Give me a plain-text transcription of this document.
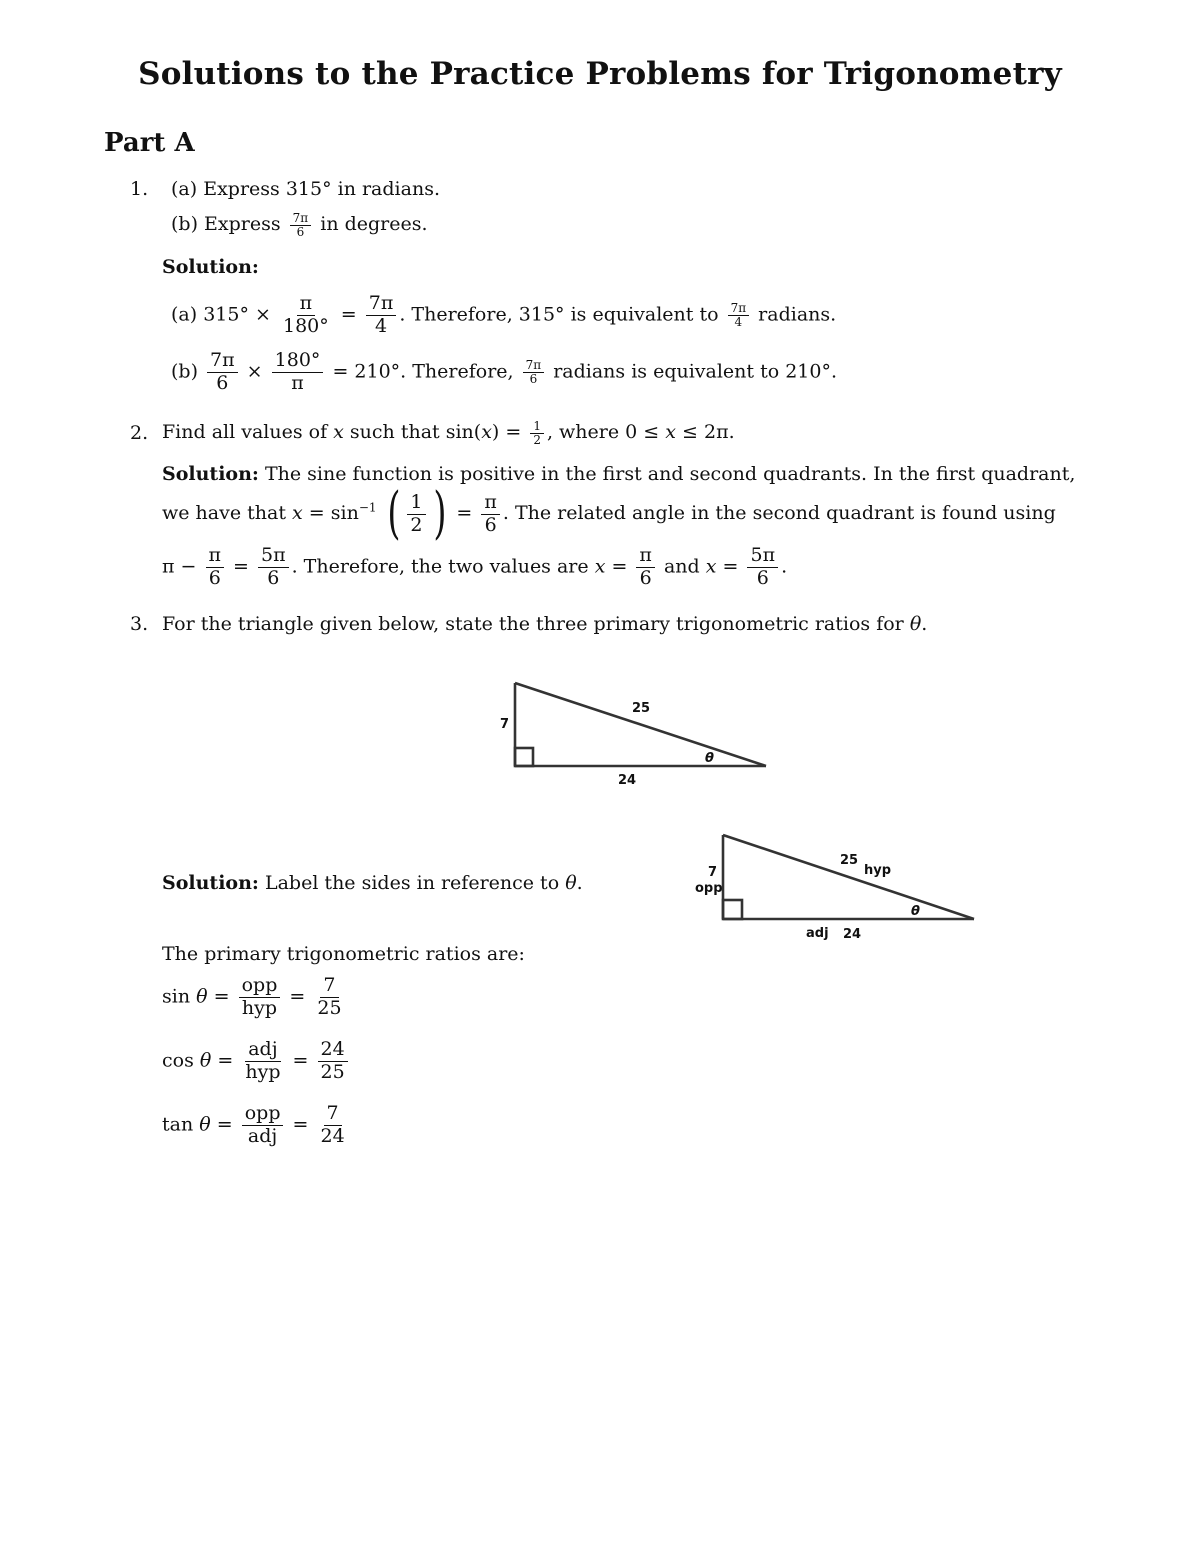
Solutions to the Practice Problems for Trigonometry
Part A
1. (a) Express 315° in radians.
(b) Express $\frac{7\pi}{6}$ in degrees.
Solution:
(a) $315^\circ \times \frac{\pi}{180^\circ} = \frac{7\pi}{4}$ . Therefore, 315° is equivalent to $\frac{7\pi}{4}$ radians.
$(b) \frac{7\pi}{6} \times \frac{180^\circ}{\pi} = 210^\circ$. Therefore, $\frac{7\pi}{6}$ radians is equivalent to 210°.
2. Find all values of x such that $\sin(x) = \frac{1}{2}$ , where 0 ≤ x ≤ 2π.
Solution: The sine function is positive in the first and second quadrants. In the first quadrant,
we have that $x = \sin^{-1}$ ( $\frac{1}{2}$ ) = $\frac{\pi}{6}$ . The related angle in the second quadrant is found using
$\pi - \frac{\pi}{6} = \frac{5\pi}{6}$ . Therefore, the two values are $x = \frac{\pi}{6}$ and $x = \frac{5\pi}{6}$ .
3. For the triangle given below, state the three primary trigonometric ratios for θ.
7
25
24
θ
7
opp
25
hyp
adj 24
θ
Solution: Label the sides in reference to θ.
The primary trigonometric ratios are:
$\sin \theta = \frac{\text{opp}}{\text{hyp}} = \frac{7}{25}$
$\cos \theta = \frac{\text{adj}}{\text{hyp}} = \frac{24}{25}$
$\tan \theta = \frac{\text{opp}}{\text{adj}} = \frac{7}{24}$
